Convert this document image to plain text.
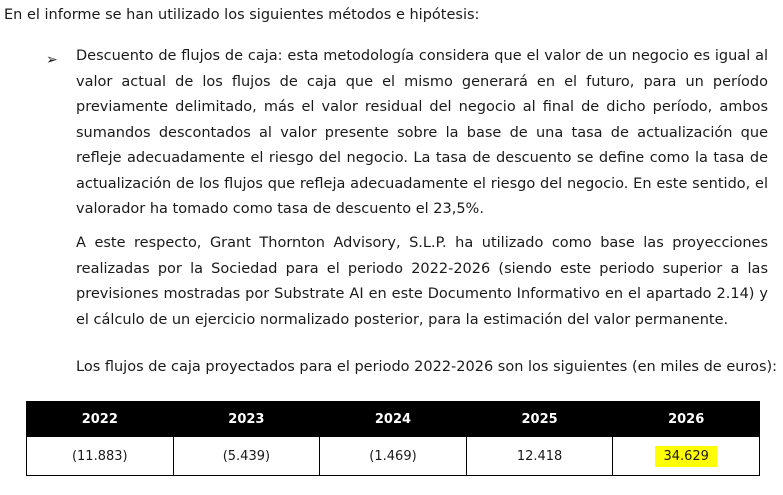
En el informe se han utilizado los siguientes métodos e hipótesis:
➢ Descuento de flujos de caja: esta metodología considera que el valor de un negocio es igual al valor actual de los flujos de caja que el mismo generará en el futuro, para un período previamente delimitado, más el valor residual del negocio al final de dicho período, ambos sumandos descontados al valor presente sobre la base de una tasa de actualización que refleje adecuadamente el riesgo del negocio. La tasa de descuento se define como la tasa de actualización de los flujos que refleja adecuadamente el riesgo del negocio. En este sentido, el valorador ha tomado como tasa de descuento el 23,5%.

A este respecto, Grant Thornton Advisory, S.L.P. ha utilizado como base las proyecciones realizadas por la Sociedad para el periodo 2022-2026 (siendo este periodo superior a las previsiones mostradas por Substrate AI en este Documento Informativo en el apartado 2.14) y el cálculo de un ejercicio normalizado posterior, para la estimación del valor permanente.

Los flujos de caja proyectados para el periodo 2022-2026 son los siguientes (en miles de euros):

2022	2023	2024	2025	2026
(11.883)	(5.439)	(1.469)	12.418	34.629
